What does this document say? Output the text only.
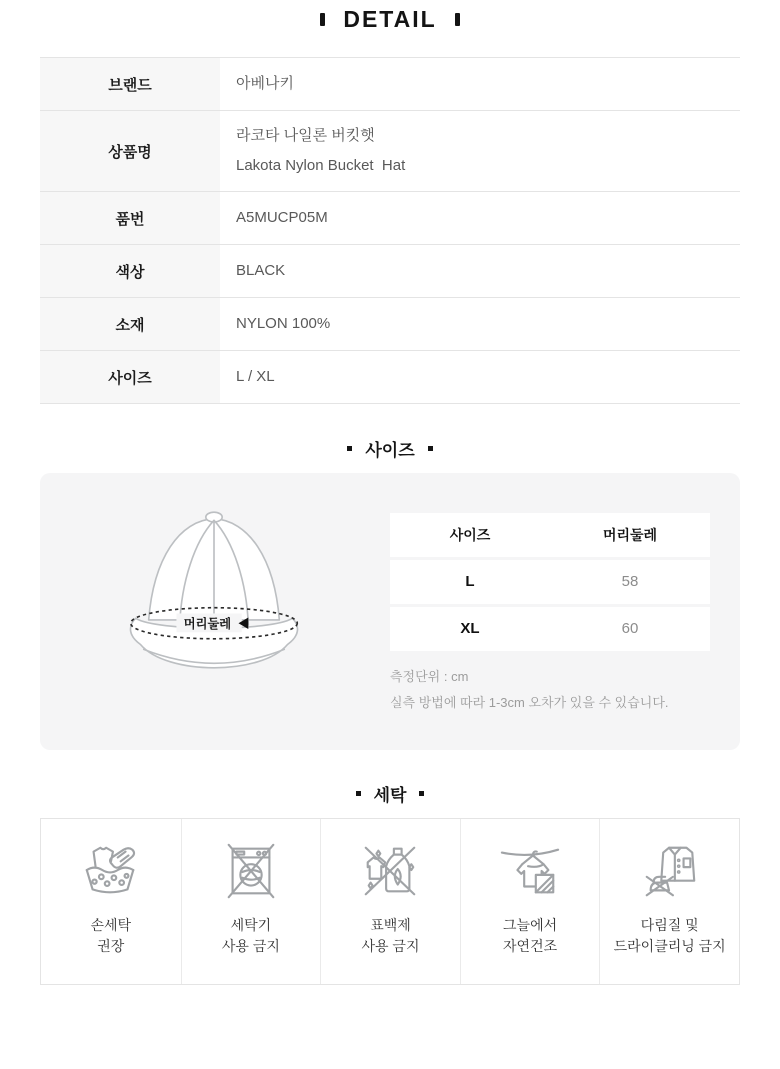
DETAIL
브랜드	아베나키
상품명
라코타 나일론 버킷햇
Lakota Nylon Bucket  Hat
품번	A5MUCP05M
색상	BLACK
소재	NYLON 100%
사이즈	L / XL
사이즈
머리둘레
사이즈	머리둘레
L	58
XL	60

측정단위 : cm

실측 방법에 따라 1-3cm 오차가 있을 수 있습니다.

세탁
손세탁
권장
세탁기
사용 금지
표백제
사용 금지
그늘에서
자연건조
다림질 및
드라이클리닝 금지
